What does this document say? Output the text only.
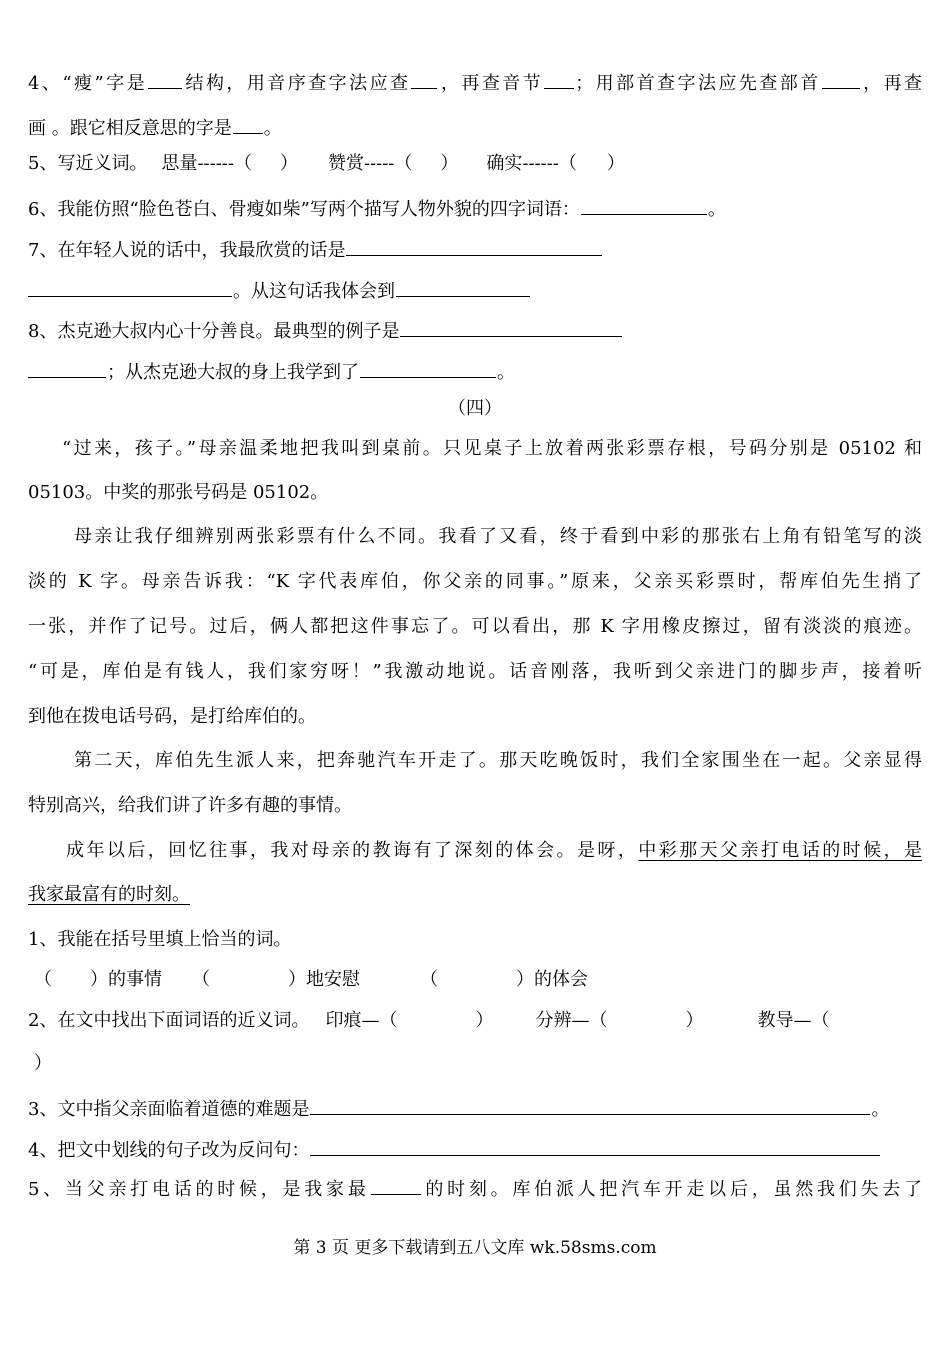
4、“瘦”字是 结构，用音序查字法应查 ，再查音节 ；用部首查字法应先查部首 ，再查
画 。跟它相反意思的字是 。
5、写近义词。 思量------（ ） 赞赏-----（ ） 确实------（ ）
6、我能仿照“脸色苍白、骨瘦如柴”写两个描写人物外貌的四字词语：	。
7、在年轻人说的话中，我最欣赏的话是
。从这句话我体会到
8、杰克逊大叔内心十分善良。最典型的例子是
；从杰克逊大叔的身上我学到了	。
（四）
“过来，孩子。”母亲温柔地把我叫到桌前。只见桌子上放着两张彩票存根，号码分别是 05102 和
05103。中奖的那张号码是 05102。
母亲让我仔细辨别两张彩票有什么不同。我看了又看，终于看到中彩的那张右上角有铅笔写的淡
淡的 K 字。母亲告诉我：“K 字代表库伯，你父亲的同事。”原来，父亲买彩票时，帮库伯先生捎了
一张，并作了记号。过后，俩人都把这件事忘了。可以看出，那 K 字用橡皮擦过，留有淡淡的痕迹。
“可是，库伯是有钱人，我们家穷呀！”我激动地说。话音刚落，我听到父亲进门的脚步声，接着听
到他在拨电话号码，是打给库伯的。
第二天，库伯先生派人来，把奔驰汽车开走了。那天吃晚饭时，我们全家围坐在一起。父亲显得
特别高兴，给我们讲了许多有趣的事情。
成年以后，回忆往事，我对母亲的教诲有了深刻的体会。是呀，中彩那天父亲打电话的时候，是
我家最富有的时刻。
1、我能在括号里填上恰当的词。
（ ）的事情 （	）地安慰	（	）的体会
2、在文中找出下面词语的近义词。 印痕—（	） 分辨—（	）	教导—（
）
3、文中指父亲面临着道德的难题是	。
4、把文中划线的句子改为反问句：
5、当父亲打电话的时候，是我家最	的时刻。库伯派人把汽车开走以后，虽然我们失去了
第 3 页 更多下载请到五八文库 wk.58sms.com
